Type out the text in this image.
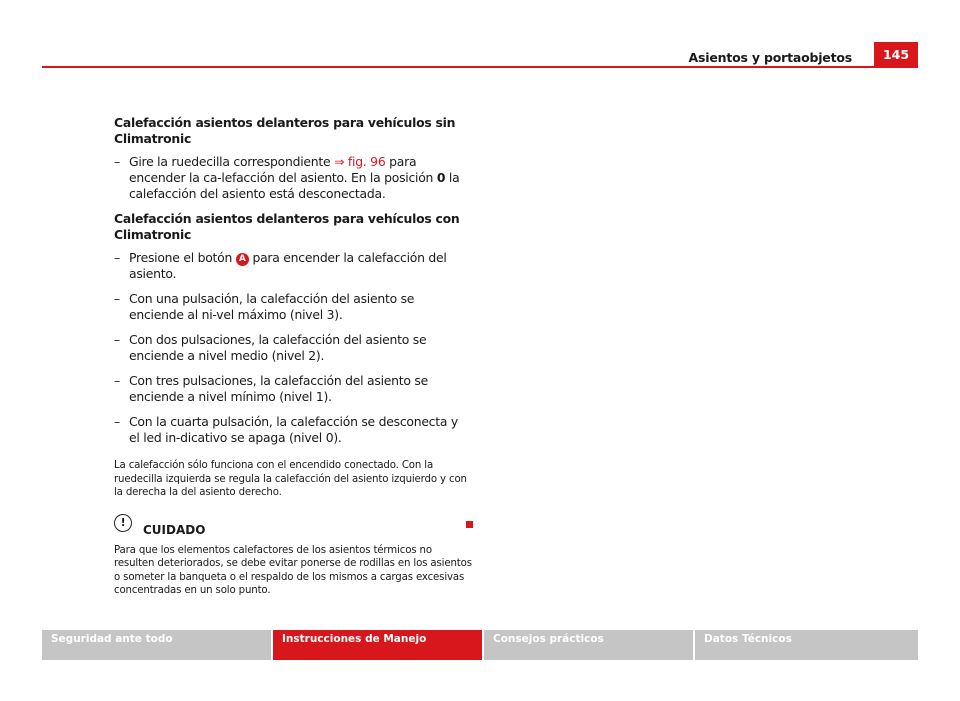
Asientos y portaobjetos	145

Calefacción asientos delanteros para vehículos sin Climatronic

– Gire la ruedecilla correspondiente ⇒ fig. 96 para encender la ca-lefacción del asiento. En la posición 0 la calefacción del asiento está desconectada.

Calefacción asientos delanteros para vehículos con Climatronic

– Presione el botón A para encender la calefacción del asiento.

– Con una pulsación, la calefacción del asiento se enciende al ni-vel máximo (nivel 3).

– Con dos pulsaciones, la calefacción del asiento se enciende a nivel medio (nivel 2).

– Con tres pulsaciones, la calefacción del asiento se enciende a nivel mínimo (nivel 1).

– Con la cuarta pulsación, la calefacción se desconecta y el led in-dicativo se apaga (nivel 0).

La calefacción sólo funciona con el encendido conectado. Con la ruedecilla izquierda se regula la calefacción del asiento izquierdo y con la derecha la del asiento derecho.

!
CUIDADO
Para que los elementos calefactores de los asientos térmicos no resulten deteriorados, se debe evitar ponerse de rodillas en los asientos o someter la banqueta o el respaldo de los mismos a cargas excesivas concentradas en un solo punto.
Seguridad ante todo	Instrucciones de Manejo	Consejos prácticos	Datos Técnicos
